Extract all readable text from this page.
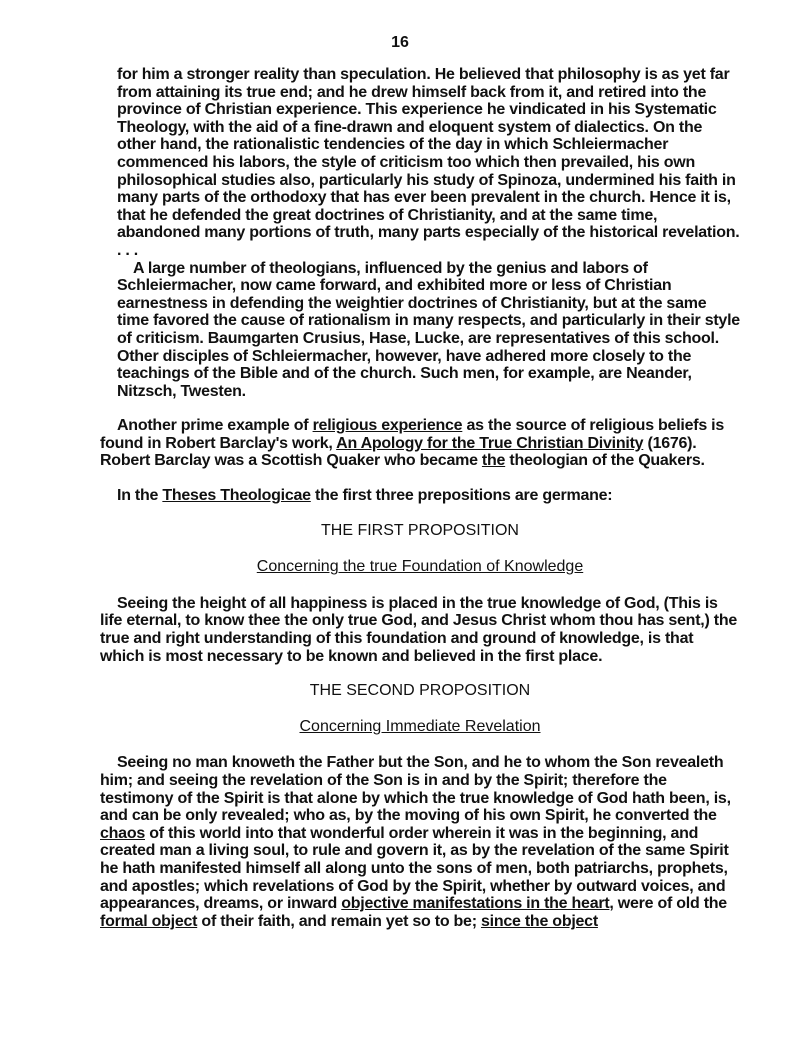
16

for him a stronger reality than speculation. He believed that philosophy is as yet far from attaining its true end; and he drew himself back from it, and retired into the province of Christian experience. This experience he vindicated in his Systematic Theology, with the aid of a fine-drawn and eloquent system of dialectics. On the other hand, the rationalistic tendencies of the day in which Schleiermacher commenced his labors, the style of criticism too which then prevailed, his own philosophical studies also, particularly his study of Spinoza, undermined his faith in many parts of the orthodoxy that has ever been prevalent in the church. Hence it is, that he defended the great doctrines of Christianity, and at the same time, abandoned many portions of truth, many parts especially of the historical revelation. . . .

A large number of theologians, influenced by the genius and labors of Schleiermacher, now came forward, and exhibited more or less of Christian earnestness in defending the weightier doctrines of Christianity, but at the same time favored the cause of rationalism in many respects, and particularly in their style of criticism. Baumgarten Crusius, Hase, Lucke, are representatives of this school. Other disciples of Schleiermacher, however, have adhered more closely to the teachings of the Bible and of the church. Such men, for example, are Neander, Nitzsch, Twesten.

Another prime example of religious experience as the source of religious beliefs is found in Robert Barclay's work, An Apology for the True Christian Divinity (1676). Robert Barclay was a Scottish Quaker who became the theologian of the Quakers.

In the Theses Theologicae the first three prepositions are germane:

THE FIRST PROPOSITION
Concerning the true Foundation of Knowledge

Seeing the height of all happiness is placed in the true knowledge of God, (This is life eternal, to know thee the only true God, and Jesus Christ whom thou has sent,) the true and right understanding of this foundation and ground of knowledge, is that which is most necessary to be known and believed in the first place.

THE SECOND PROPOSITION
Concerning Immediate Revelation

Seeing no man knoweth the Father but the Son, and he to whom the Son revealeth him; and seeing the revelation of the Son is in and by the Spirit; therefore the testimony of the Spirit is that alone by which the true knowledge of God hath been, is, and can be only revealed; who as, by the moving of his own Spirit, he converted the chaos of this world into that wonderful order wherein it was in the beginning, and created man a living soul, to rule and govern it, as by the revelation of the same Spirit he hath manifested himself all along unto the sons of men, both patriarchs, prophets, and apostles; which revelations of God by the Spirit, whether by outward voices, and appearances, dreams, or inward objective manifestations in the heart, were of old the formal object of their faith, and remain yet so to be; since the object
